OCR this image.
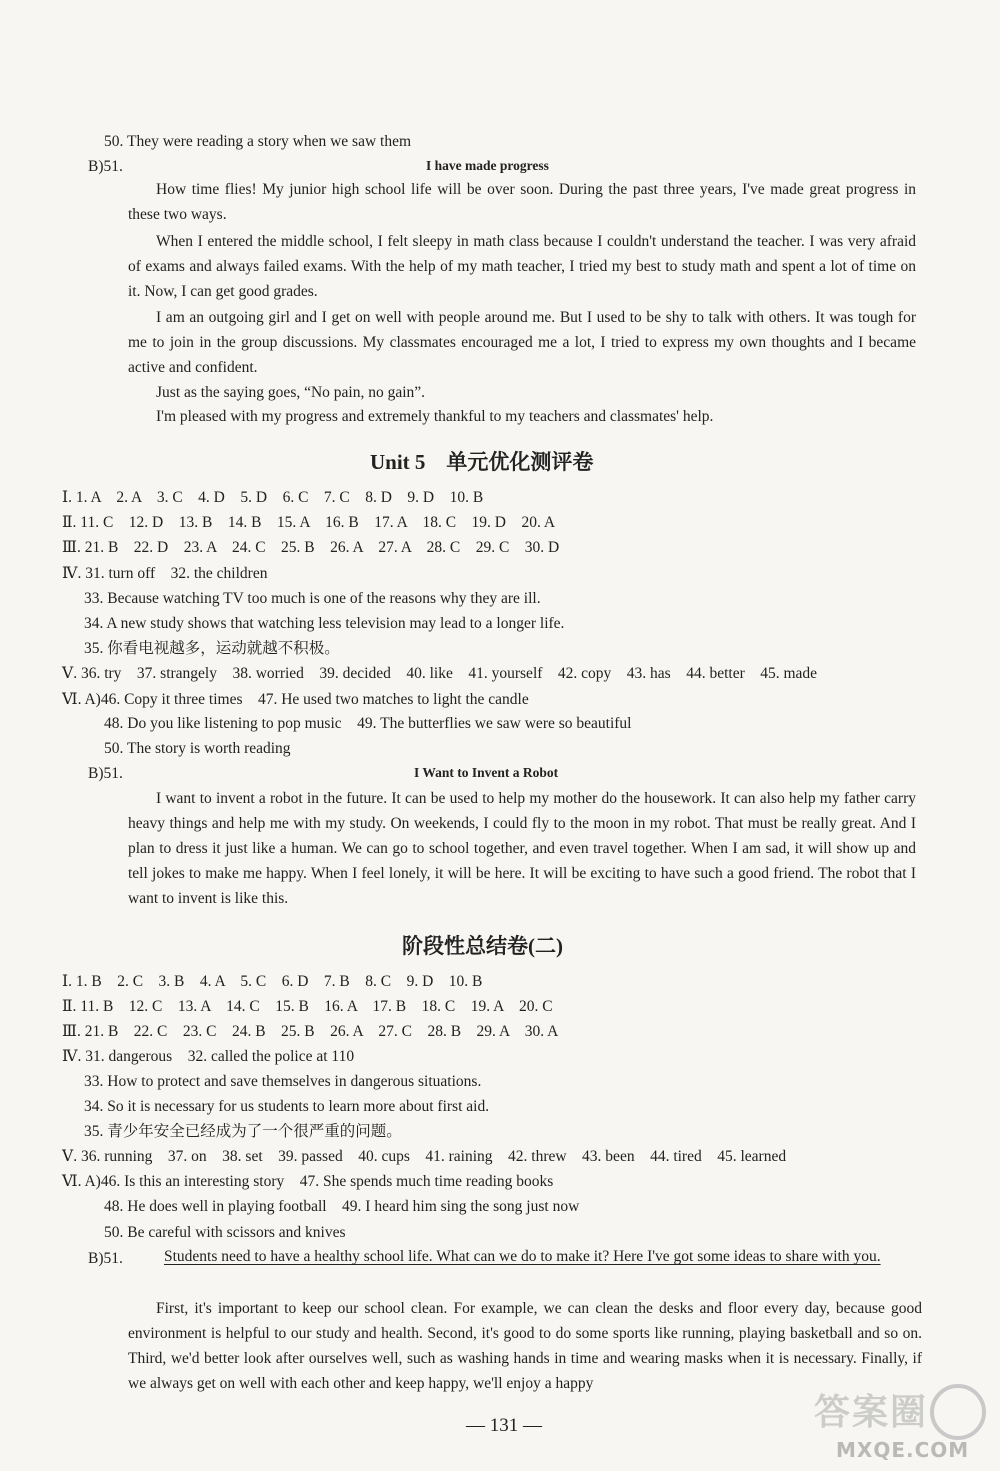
50. They were reading a story when we saw them
B)51.	I have made progress
How time flies! My junior high school life will be over soon. During the past three years, I've made great progress in these two ways.
When I entered the middle school, I felt sleepy in math class because I couldn't understand the teacher. I was very afraid of exams and always failed exams. With the help of my math teacher, I tried my best to study math and spent a lot of time on it. Now, I can get good grades.
I am an outgoing girl and I get on well with people around me. But I used to be shy to talk with others. It was tough for me to join in the group discussions. My classmates encouraged me a lot, I tried to express my own thoughts and I became active and confident.
Just as the saying goes, “No pain, no gain”.
I'm pleased with my progress and extremely thankful to my teachers and classmates' help.
Unit 5　单元优化测评卷
Ⅰ. 1. A　2. A　3. C　4. D　5. D　6. C　7. C　8. D　9. D　10. B
Ⅱ. 11. C　12. D　13. B　14. B　15. A　16. B　17. A　18. C　19. D　20. A
Ⅲ. 21. B　22. D　23. A　24. C　25. B　26. A　27. A　28. C　29. C　30. D
Ⅳ. 31. turn off　32. the children
33. Because watching TV too much is one of the reasons why they are ill.
34. A new study shows that watching less television may lead to a longer life.
35. 你看电视越多，运动就越不积极。
Ⅴ. 36. try　37. strangely　38. worried　39. decided　40. like　41. yourself　42. copy　43. has　44. better　45. made
Ⅵ. A)46. Copy it three times　47. He used two matches to light the candle
48. Do you like listening to pop music　49. The butterflies we saw were so beautiful
50. The story is worth reading
B)51.	I Want to Invent a Robot
I want to invent a robot in the future. It can be used to help my mother do the housework. It can also help my father carry heavy things and help me with my study. On weekends, I could fly to the moon in my robot. That must be really great. And I plan to dress it just like a human. We can go to school together, and even travel together. When I am sad, it will show up and tell jokes to make me happy. When I feel lonely, it will be here. It will be exciting to have such a good friend. The robot that I want to invent is like this.
阶段性总结卷(二)
Ⅰ. 1. B　2. C　3. B　4. A　5. C　6. D　7. B　8. C　9. D　10. B
Ⅱ. 11. B　12. C　13. A　14. C　15. B　16. A　17. B　18. C　19. A　20. C
Ⅲ. 21. B　22. C　23. C　24. B　25. B　26. A　27. C　28. B　29. A　30. A
Ⅳ. 31. dangerous　32. called the police at 110
33. How to protect and save themselves in dangerous situations.
34. So it is necessary for us students to learn more about first aid.
35. 青少年安全已经成为了一个很严重的问题。
Ⅴ. 36. running　37. on　38. set　39. passed　40. cups　41. raining　42. threw　43. been　44. tired　45. learned
Ⅵ. A)46. Is this an interesting story　47. She spends much time reading books
48. He does well in playing football　49. I heard him sing the song just now
50. Be careful with scissors and knives
B)51.	Students need to have a healthy school life. What can we do to make it? Here I've got some ideas to share with you.
First, it's important to keep our school clean. For example, we can clean the desks and floor every day, because good environment is helpful to our study and health. Second, it's good to do some sports like running, playing basketball and so on. Third, we'd better look after ourselves well, such as washing hands in time and wearing masks when it is necessary. Finally, if we always get on well with each other and keep happy, we'll enjoy a happy
— 131 —	答案圈
MXQE.COM
